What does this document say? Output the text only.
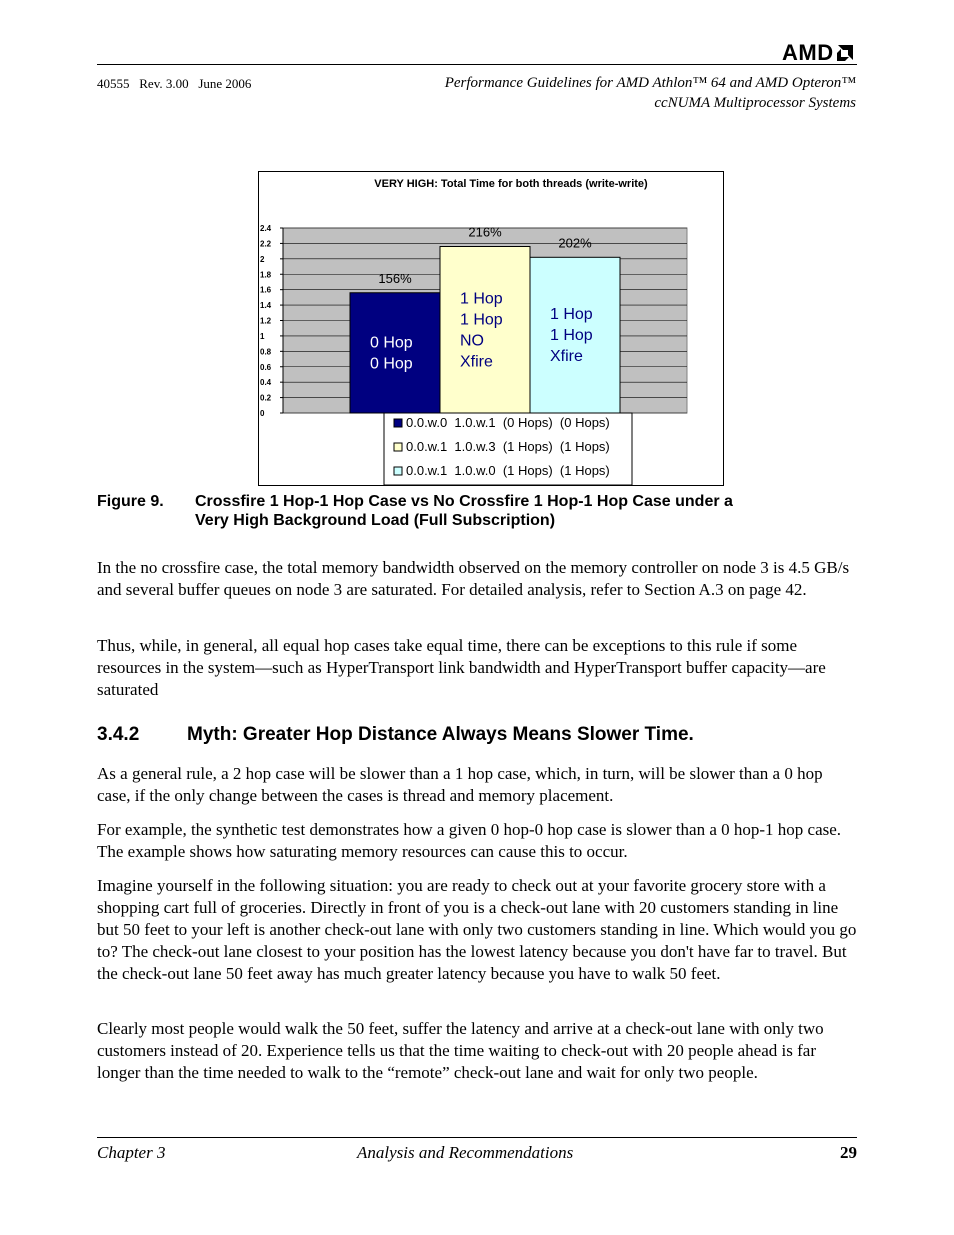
AMD
40555   Rev. 3.00   June 2006	Performance Guidelines for AMD Athlon™ 64 and AMD Opteron™
ccNUMA Multiprocessor Systems
VERY HIGH: Total Time for both threads (write-write)
0
0.2
0.4
0.6
0.8
1
1.2
1.4
1.6
1.8
2
2.2
2.4
156%
0 Hop
0 Hop
216%
1 Hop
1 Hop
NO
Xfire
202%
1 Hop
1 Hop
Xfire
0.0.w.0  1.0.w.1  (0 Hops)  (0 Hops)
0.0.w.1  1.0.w.3  (1 Hops)  (1 Hops)
0.0.w.1  1.0.w.0  (1 Hops)  (1 Hops)
Figure 9. Crossfire 1 Hop-1 Hop Case vs No Crossfire 1 Hop-1 Hop Case under a
Very High Background Load (Full Subscription)

In the no crossfire case, the total memory bandwidth observed on the memory controller on node 3 is 4.5 GB/s and several buffer queues on node 3 are saturated. For detailed analysis, refer to Section A.3 on page 42.

Thus, while, in general, all equal hop cases take equal time, there can be exceptions to this rule if some resources in the system—such as HyperTransport link bandwidth and HyperTransport buffer capacity—are saturated

3.4.2	Myth: Greater Hop Distance Always Means Slower Time.

As a general rule, a 2 hop case will be slower than a 1 hop case, which, in turn, will be slower than a 0 hop case, if the only change between the cases is thread and memory placement.

For example, the synthetic test demonstrates how a given 0 hop-0 hop case is slower than a 0 hop-1 hop case. The example shows how saturating memory resources can cause this to occur.

Imagine yourself in the following situation: you are ready to check out at your favorite grocery store with a shopping cart full of groceries. Directly in front of you is a check-out lane with 20 customers standing in line but 50 feet to your left is another check-out lane with only two customers standing in line. Which would you go to? The check-out lane closest to your position has the lowest latency because you don't have far to travel. But the check-out lane 50 feet away has much greater latency because you have to walk 50 feet.

Clearly most people would walk the 50 feet, suffer the latency and arrive at a check-out lane with only two customers instead of 20. Experience tells us that the time waiting to check-out with 20 people ahead is far longer than the time needed to walk to the “remote” check-out lane and wait for only two people.

Chapter 3	Analysis and Recommendations	29
